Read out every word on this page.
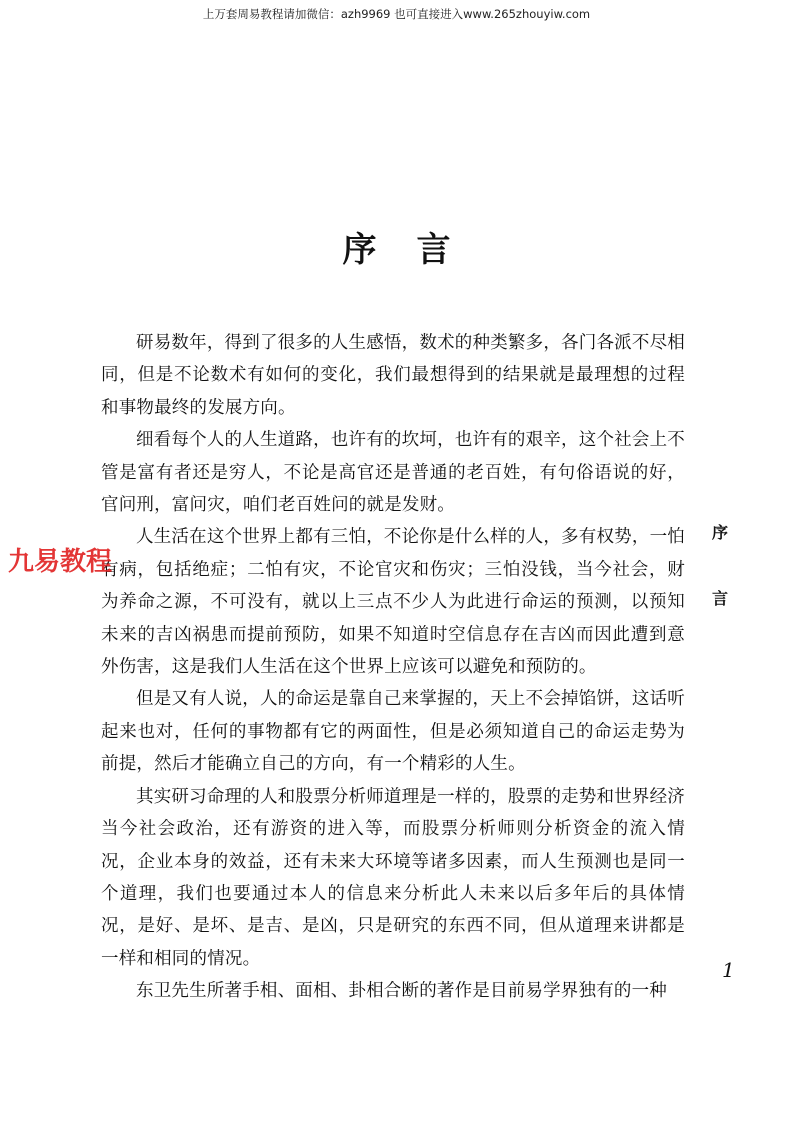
上万套周易教程请加微信：azh9969 也可直接进入www.265zhouyiw.com
序言

研易数年，得到了很多的人生感悟，数术的种类繁多，各门各派不尽相同，但是不论数术有如何的变化，我们最想得到的结果就是最理想的过程和事物最终的发展方向。

细看每个人的人生道路，也许有的坎坷，也许有的艰辛，这个社会上不管是富有者还是穷人，不论是高官还是普通的老百姓，有句俗语说的好，官问刑，富问灾，咱们老百姓问的就是发财。

人生活在这个世界上都有三怕，不论你是什么样的人，多有权势，一怕有病，包括绝症；二怕有灾，不论官灾和伤灾；三怕没钱，当今社会，财为养命之源，不可没有，就以上三点不少人为此进行命运的预测，以预知未来的吉凶祸患而提前预防，如果不知道时空信息存在吉凶而因此遭到意外伤害，这是我们人生活在这个世界上应该可以避免和预防的。

但是又有人说，人的命运是靠自己来掌握的，天上不会掉馅饼，这话听起来也对，任何的事物都有它的两面性，但是必须知道自己的命运走势为前提，然后才能确立自己的方向，有一个精彩的人生。

其实研习命理的人和股票分析师道理是一样的，股票的走势和世界经济当今社会政治，还有游资的进入等，而股票分析师则分析资金的流入情况，企业本身的效益，还有未来大环境等诸多因素，而人生预测也是同一个道理，我们也要通过本人的信息来分析此人未来以后多年后的具体情况，是好、是坏、是吉、是凶，只是研究的东西不同，但从道理来讲都是一样和相同的情况。

东卫先生所著手相、面相、卦相合断的著作是目前易学界独有的一种

序
言
1
九易教程
